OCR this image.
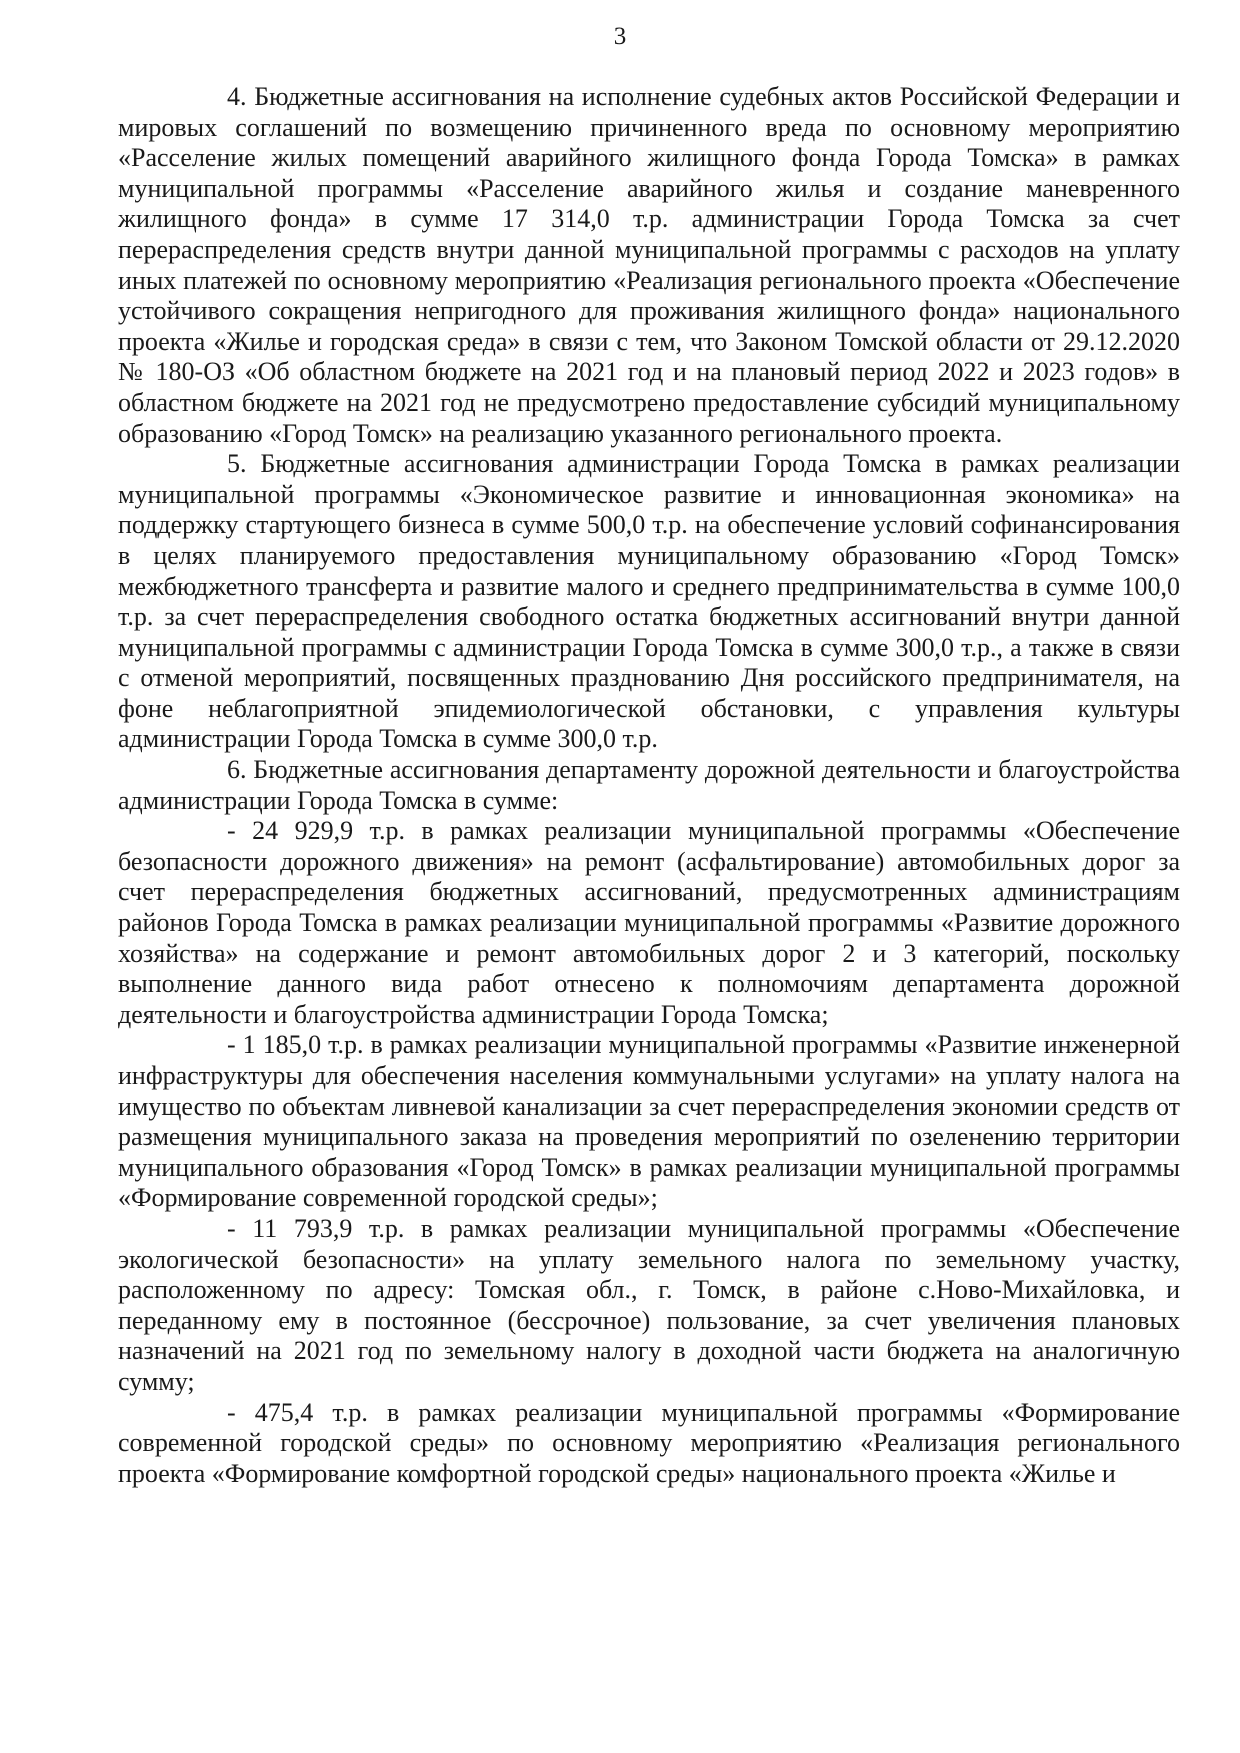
3

4. Бюджетные ассигнования на исполнение судебных актов Российской Федерации и мировых соглашений по возмещению причиненного вреда по основному мероприятию «Расселение жилых помещений аварийного жилищного фонда Города Томска» в рамках муниципальной программы «Расселение аварийного жилья и создание маневренного жилищного фонда» в сумме 17 314,0 т.р. администрации Города Томска за счет перераспределения средств внутри данной муниципальной программы с расходов на уплату иных платежей по основному мероприятию «Реализация регионального проекта «Обеспечение устойчивого сокращения непригодного для проживания жилищного фонда» национального проекта «Жилье и городская среда» в связи с тем, что Законом Томской области от 29.12.2020 № 180-ОЗ «Об областном бюджете на 2021 год и на плановый период 2022 и 2023 годов» в областном бюджете на 2021 год не предусмотрено предоставление субсидий муниципальному образованию «Город Томск» на реализацию указанного регионального проекта.

5. Бюджетные ассигнования администрации Города Томска в рамках реализации муниципальной программы «Экономическое развитие и инновационная экономика» на поддержку стартующего бизнеса в сумме 500,0 т.р. на обеспечение условий софинансирования в целях планируемого предоставления муниципальному образованию «Город Томск» межбюджетного трансферта и развитие малого и среднего предпринимательства в сумме 100,0 т.р. за счет перераспределения свободного остатка бюджетных ассигнований внутри данной муниципальной программы с администрации Города Томска в сумме 300,0 т.р., а также в связи с отменой мероприятий, посвященных празднованию Дня российского предпринимателя, на фоне неблагоприятной эпидемиологической обстановки, с управления культуры администрации Города Томска в сумме 300,0 т.р.

6. Бюджетные ассигнования департаменту дорожной деятельности и благоустройства администрации Города Томска в сумме:

- 24 929,9 т.р. в рамках реализации муниципальной программы «Обеспечение безопасности дорожного движения» на ремонт (асфальтирование) автомобильных дорог за счет перераспределения бюджетных ассигнований, предусмотренных администрациям районов Города Томска в рамках реализации муниципальной программы «Развитие дорожного хозяйства» на содержание и ремонт автомобильных дорог 2 и 3 категорий, поскольку выполнение данного вида работ отнесено к полномочиям департамента дорожной деятельности и благоустройства администрации Города Томска;

- 1 185,0 т.р. в рамках реализации муниципальной программы «Развитие инженерной инфраструктуры для обеспечения населения коммунальными услугами» на уплату налога на имущество по объектам ливневой канализации за счет перераспределения экономии средств от размещения муниципального заказа на проведения мероприятий по озеленению территории муниципального образования «Город Томск» в рамках реализации муниципальной программы «Формирование современной городской среды»;

- 11 793,9 т.р. в рамках реализации муниципальной программы «Обеспечение экологической безопасности» на уплату земельного налога по земельному участку, расположенному по адресу: Томская обл., г. Томск, в районе с.Ново-Михайловка, и переданному ему в постоянное (бессрочное) пользование, за счет увеличения плановых назначений на 2021 год по земельному налогу в доходной части бюджета на аналогичную сумму;

- 475,4 т.р. в рамках реализации муниципальной программы «Формирование современной городской среды» по основному мероприятию «Реализация регионального проекта «Формирование комфортной городской среды» национального проекта «Жилье и
